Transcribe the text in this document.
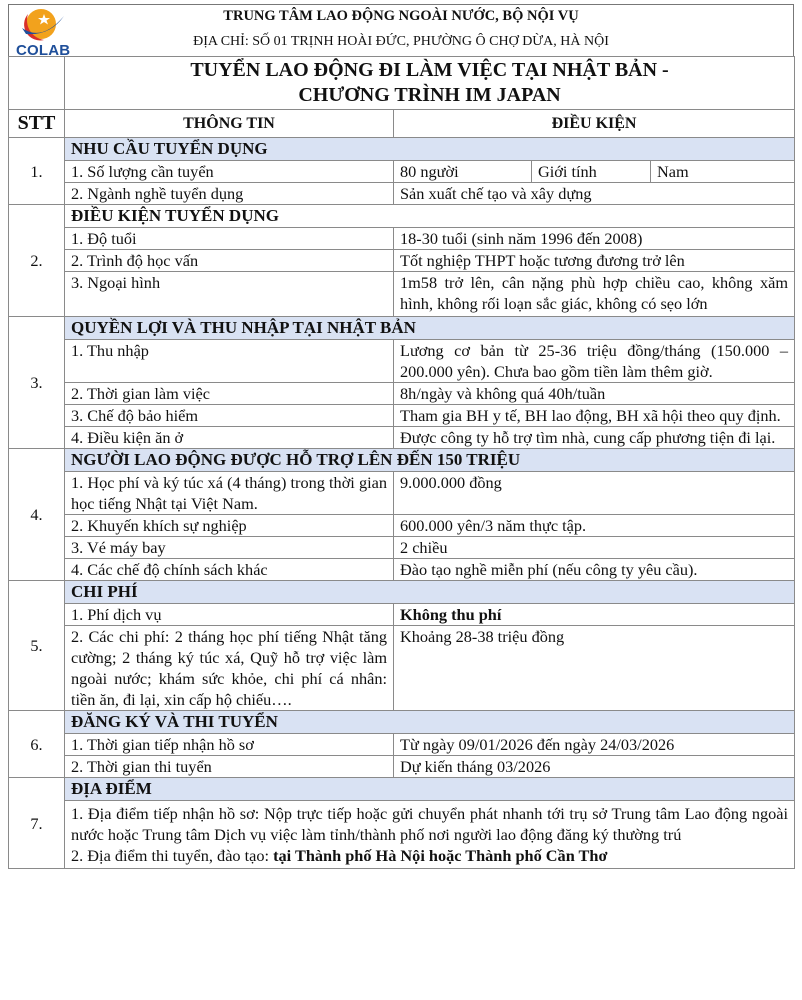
COLAB
TRUNG TÂM LAO ĐỘNG NGOÀI NƯỚC, BỘ NỘI VỤ
ĐỊA CHỈ: SỐ 01 TRỊNH HOÀI ĐỨC, PHƯỜNG Ô CHỢ DỪA, HÀ NỘI

	TUYỂN LAO ĐỘNG ĐI LÀM VIỆC TẠI NHẬT BẢN -
CHƯƠNG TRÌNH IM JAPAN			

STT	THÔNG TIN	ĐIỀU KIỆN		
1.	NHU CẦU TUYỂN DỤNG			
	1. Số lượng cần tuyển	80 người	Giới tính	Nam
	2. Ngành nghề tuyển dụng	Sản xuất chế tạo và xây dựng		
2.	ĐIỀU KIỆN TUYỂN DỤNG			
	1. Độ tuổi	18-30 tuổi (sinh năm 1996 đến 2008)		
	2. Trình độ học vấn	Tốt nghiệp THPT hoặc tương đương trở lên		
	3. Ngoại hình	1m58 trở lên, cân nặng phù hợp chiều cao, không xăm hình, không rối loạn sắc giác, không có sẹo lớn		
3.	QUYỀN LỢI VÀ THU NHẬP TẠI NHẬT BẢN			
	1. Thu nhập	Lương cơ bản từ 25-36 triệu đồng/tháng (150.000 – 200.000 yên). Chưa bao gồm tiền làm thêm giờ.		
	2. Thời gian làm việc	8h/ngày và không quá 40h/tuần		
	3. Chế độ bảo hiểm	Tham gia BH y tế, BH lao động, BH xã hội theo quy định.		
	4. Điều kiện ăn ở	Được công ty hỗ trợ tìm nhà, cung cấp phương tiện đi lại.		
4.	NGƯỜI LAO ĐỘNG ĐƯỢC HỖ TRỢ LÊN ĐẾN 150 TRIỆU			
	1. Học phí và ký túc xá (4 tháng) trong thời gian học tiếng Nhật tại Việt Nam.	9.000.000 đồng		
	2. Khuyến khích sự nghiệp	600.000 yên/3 năm thực tập.		
	3. Vé máy bay	2 chiều		
	4. Các chế độ chính sách khác	Đào tạo nghề miễn phí (nếu công ty yêu cầu).		
5.	CHI PHÍ			
	1. Phí dịch vụ	Không thu phí		
	2. Các chi phí: 2 tháng học phí tiếng Nhật tăng cường; 2 tháng ký túc xá, Quỹ hỗ trợ việc làm ngoài nước; khám sức khỏe, chi phí cá nhân: tiền ăn, đi lại, xin cấp hộ chiếu….	Khoảng 28-38 triệu đồng		
6.	ĐĂNG KÝ VÀ THI TUYỂN			
	1. Thời gian tiếp nhận hồ sơ	Từ ngày 09/01/2026 đến ngày 24/03/2026		
	2. Thời gian thi tuyển	Dự kiến tháng 03/2026		
7.	ĐỊA ĐIỂM			

	1. Địa điểm tiếp nhận hồ sơ: Nộp trực tiếp hoặc gửi chuyển phát nhanh tới trụ sở Trung tâm Lao động ngoài nước hoặc Trung tâm Dịch vụ việc làm tỉnh/thành phố nơi người lao động đăng ký thường trú
2. Địa điểm thi tuyển, đào tạo: tại Thành phố Hà Nội hoặc Thành phố Cần Thơ			
